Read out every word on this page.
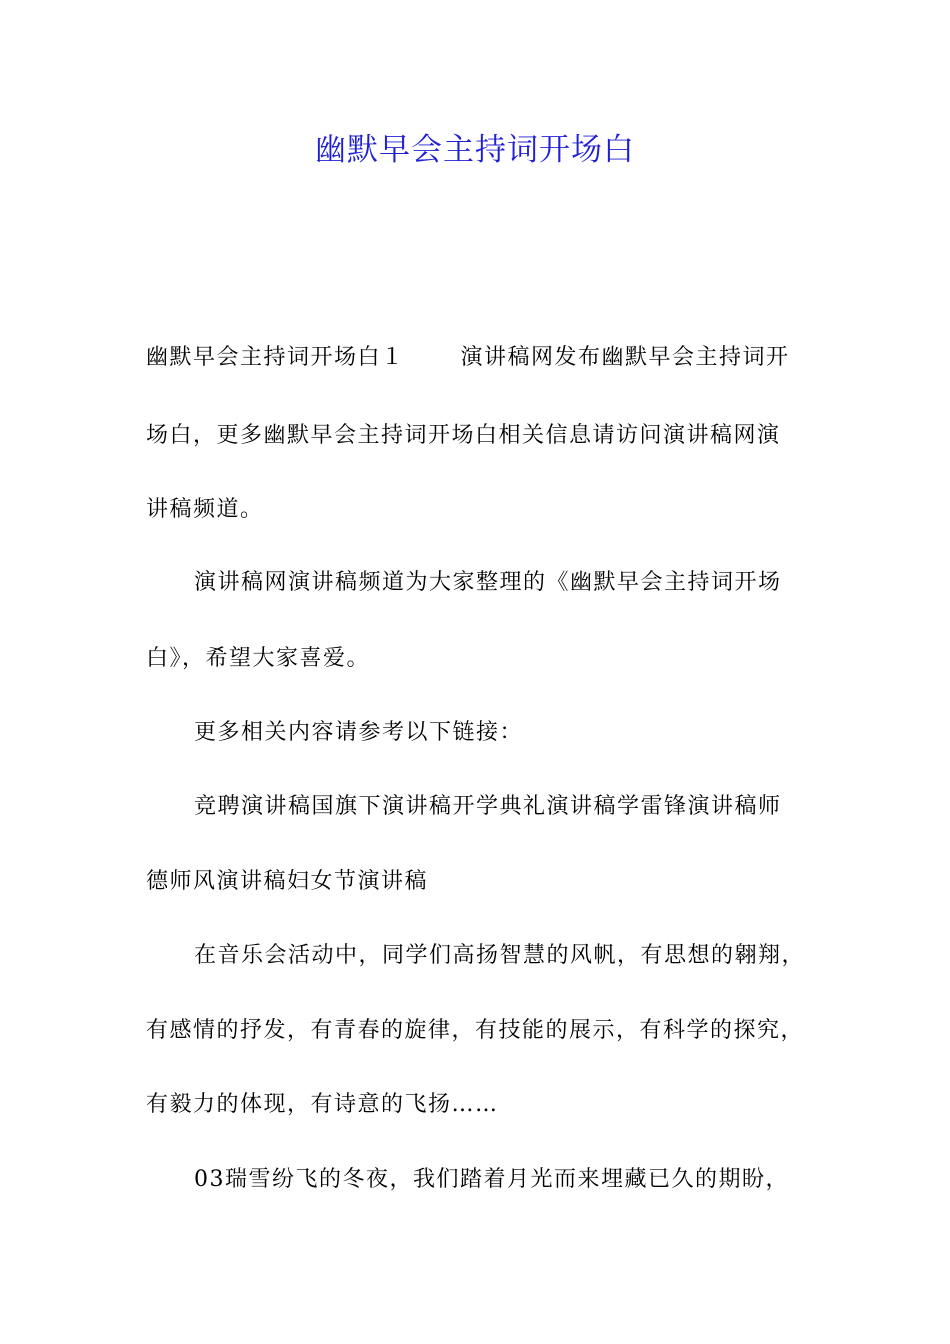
幽默早会主持词开场白
幽默早会主持词开场白１	演讲稿网发布幽默早会主持词开
场白，更多幽默早会主持词开场白相关信息请访问演讲稿网演
讲稿频道。
演讲稿网演讲稿频道为大家整理的《幽默早会主持词开场
白》，希望大家喜爱。
更多相关内容请参考以下链接：
竞聘演讲稿国旗下演讲稿开学典礼演讲稿学雷锋演讲稿师
德师风演讲稿妇女节演讲稿
在音乐会活动中，同学们高扬智慧的风帆，有思想的翱翔，
有感情的抒发，有青春的旋律，有技能的展示，有科学的探究，
有毅力的体现，有诗意的飞扬……
03瑞雪纷飞的冬夜，我们踏着月光而来埋藏已久的期盼，
